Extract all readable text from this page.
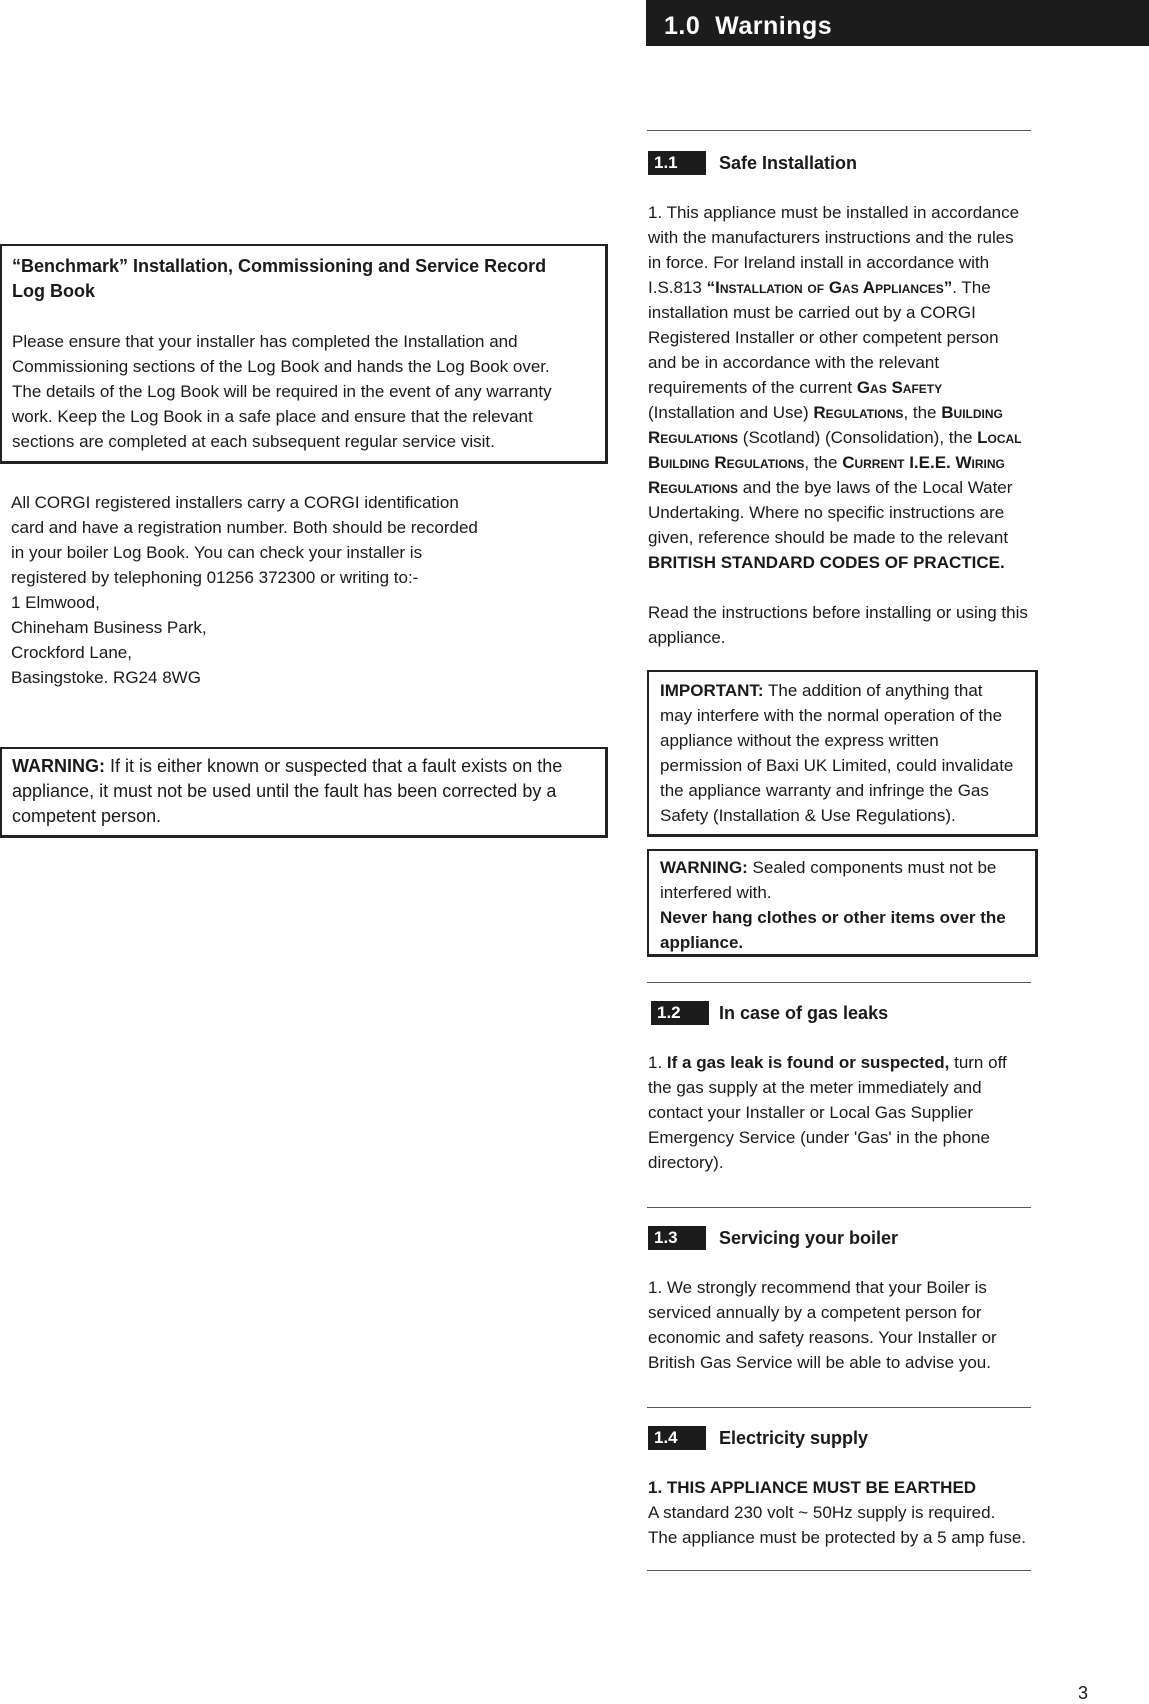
1.0 Warnings

“Benchmark” Installation, Commissioning and Service Record Log Book

Please ensure that your installer has completed the Installation and

Commissioning sections of the Log Book and hands the Log Book over.

The details of the Log Book will be required in the event of any warranty

work. Keep the Log Book in a safe place and ensure that the relevant

sections are completed at each subsequent regular service visit.

All CORGI registered installers carry a CORGI identification

card and have a registration number. Both should be recorded

in your boiler Log Book. You can check your installer is

registered by telephoning 01256 372300 or writing to:-

1 Elmwood,

Chineham Business Park,

Crockford Lane,

Basingstoke. RG24 8WG

WARNING: If it is either known or suspected that a fault exists on the

appliance, it must not be used until the fault has been corrected by a

competent person.

1.1	Safe Installation

1. This appliance must be installed in accordance

with the manufacturers instructions and the rules

in force. For Ireland install in accordance with

I.S.813 “Installation of Gas Appliances”. The

installation must be carried out by a CORGI

Registered Installer or other competent person

and be in accordance with the relevant

requirements of the current Gas Safety

(Installation and Use) Regulations, the Building

Regulations (Scotland) (Consolidation), the Local

Building Regulations, the Current I.E.E. Wiring

Regulations and the bye laws of the Local Water

Undertaking. Where no specific instructions are

given, reference should be made to the relevant

BRITISH STANDARD CODES OF PRACTICE.

Read the instructions before installing or using this

appliance.

IMPORTANT: The addition of anything that

may interfere with the normal operation of the

appliance without the express written

permission of Baxi UK Limited, could invalidate

the appliance warranty and infringe the Gas

Safety (Installation & Use Regulations).

WARNING: Sealed components must not be

interfered with.

Never hang clothes or other items over the

appliance.

1.2	In case of gas leaks

1. If a gas leak is found or suspected, turn off

the gas supply at the meter immediately and

contact your Installer or Local Gas Supplier

Emergency Service (under 'Gas' in the phone

directory).

1.3	Servicing your boiler

1. We strongly recommend that your Boiler is

serviced annually by a competent person for

economic and safety reasons. Your Installer or

British Gas Service will be able to advise you.

1.4	Electricity supply

1. THIS APPLIANCE MUST BE EARTHED

A standard 230 volt ~ 50Hz supply is required.

The appliance must be protected by a 5 amp fuse.

3
